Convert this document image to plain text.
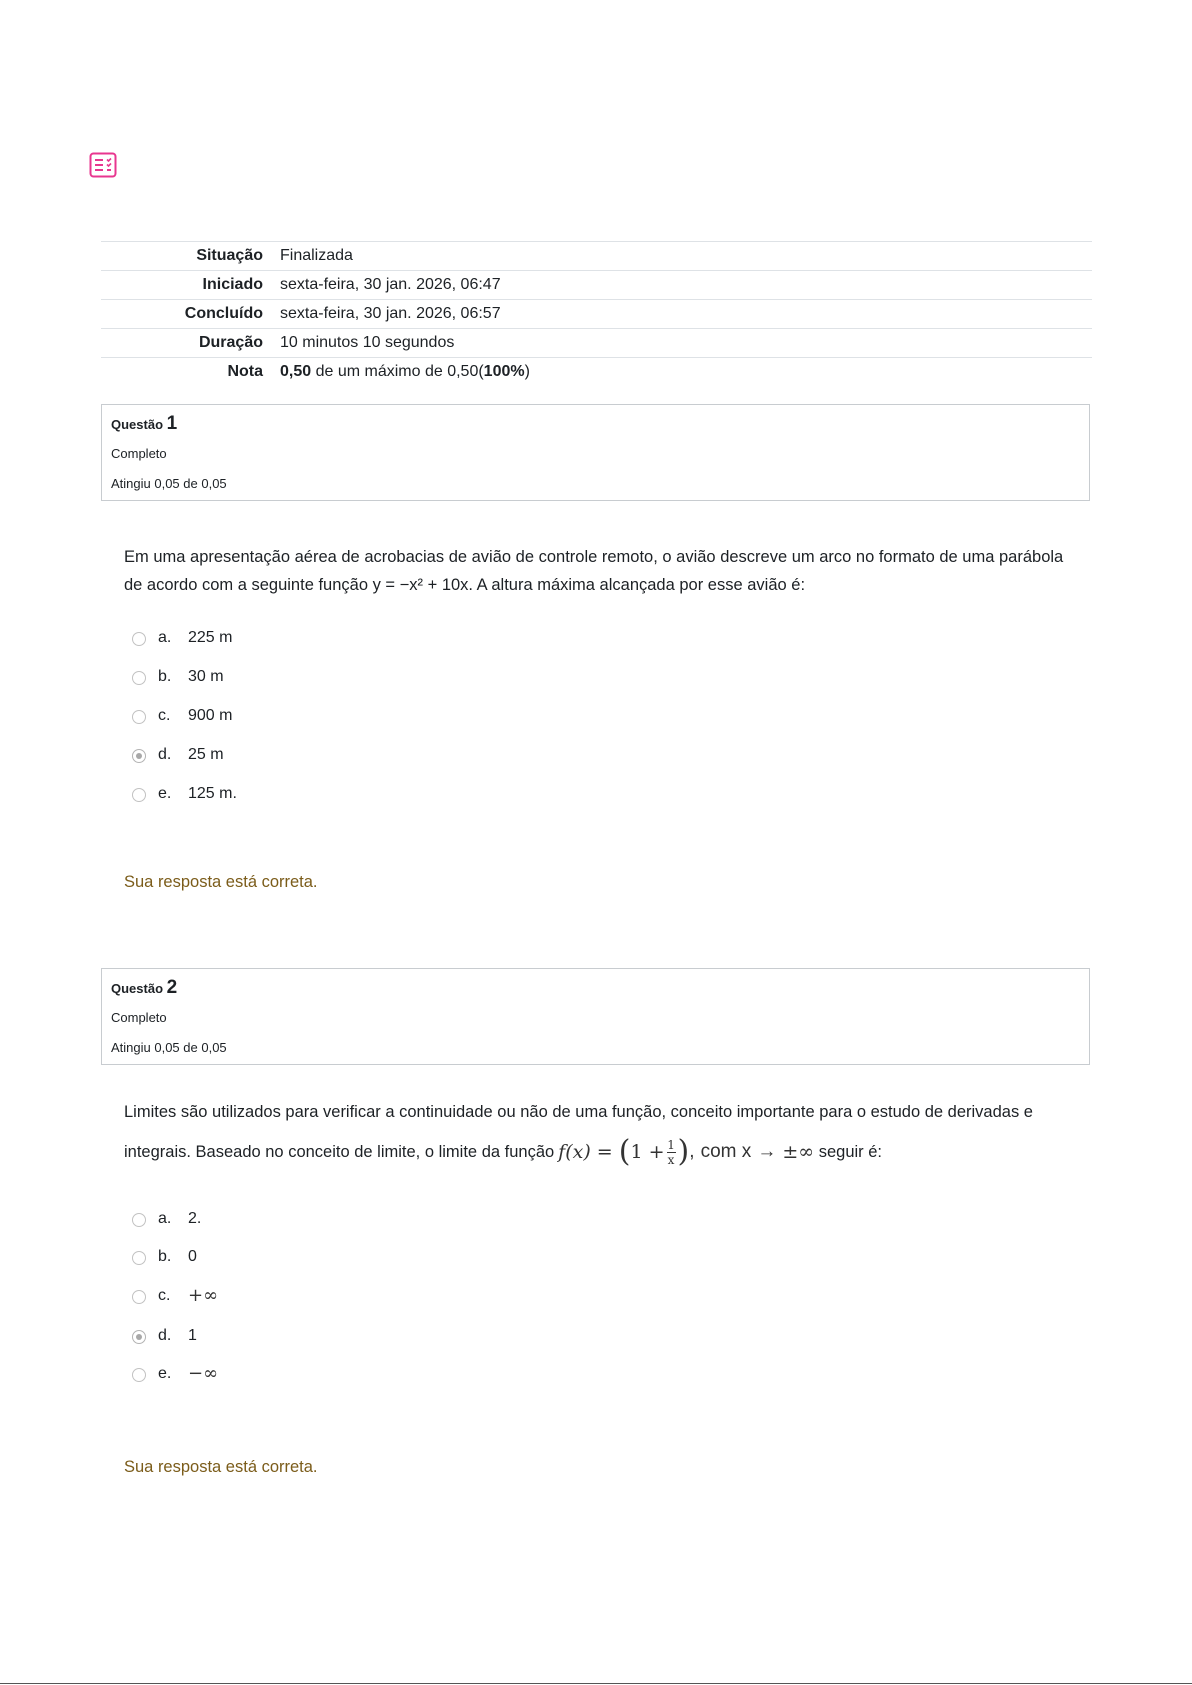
Situação	Finalizada
Iniciado	sexta-feira, 30 jan. 2026, 06:47
Concluído	sexta-feira, 30 jan. 2026, 06:57
Duração	10 minutos 10 segundos
Nota	0,50 de um máximo de 0,50(100%)
Questão 1
Completo
Atingiu 0,05 de 0,05
Em uma apresentação aérea de acrobacias de avião de controle remoto, o avião descreve um arco no formato de uma parábola de acordo com a seguinte função y = −x² + 10x. A altura máxima alcançada por esse avião é:
a. 225 m
b. 30 m
c. 900 m
d. 25 m
e. 125 m.
Sua resposta está correta.
Questão 2
Completo
Atingiu 0,05 de 0,05
Limites são utilizados para verificar a continuidade ou não de uma função, conceito importante para o estudo de derivadas e
integrais. Baseado no conceito de limite, o limite da função f(x) =
( $1 + \frac{1}{x}$ ) ,
com x
→
±∞
seguir é:
a. 2.
b. 0
c. +∞
d. 1
e. −∞
Sua resposta está correta.
